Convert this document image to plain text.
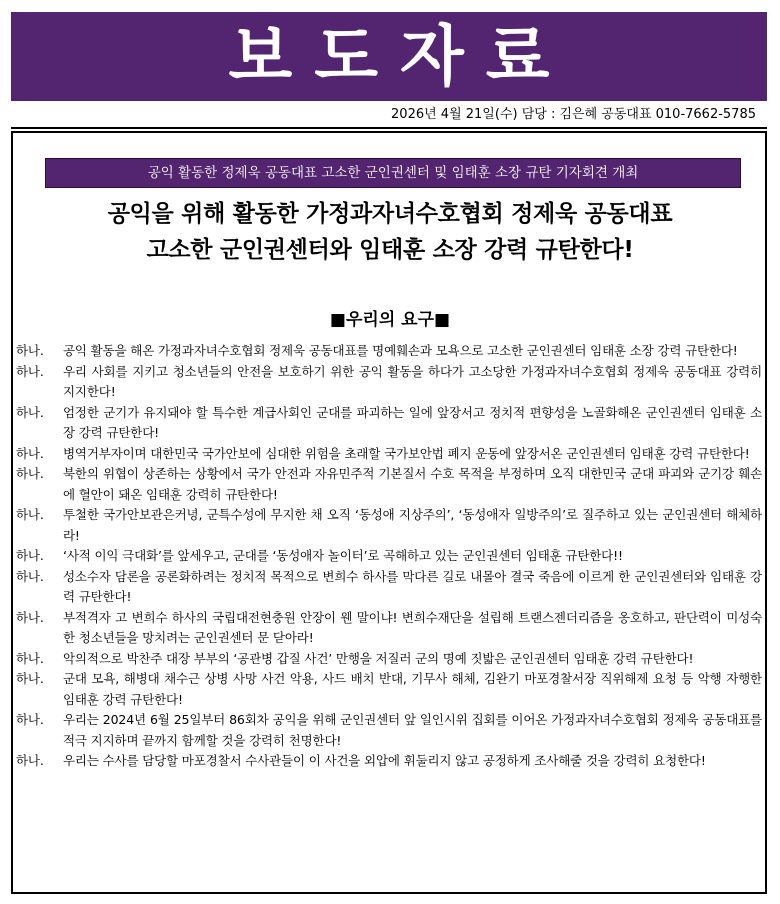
보도자료
2026년 4월 21일(수) 담당 : 김은혜 공동대표 010-7662-5785
공익 활동한 정제욱 공동대표 고소한 군인권센터 및 임태훈 소장 규탄 기자회견 개최
공익을 위해 활동한 가정과자녀수호협회 정제욱 공동대표
고소한 군인권센터와 임태훈 소장 강력 규탄한다!
■우리의 요구■
하나. 공익 활동을 해온 가정과자녀수호협회 정제욱 공동대표를 명예훼손과 모욕으로 고소한 군인권센터 임태훈 소장 강력 규탄한다!
하나. 우리 사회를 지키고 청소년들의 안전을 보호하기 위한 공익 활동을 하다가 고소당한 가정과자녀수호협회 정제욱 공동대표 강력히 지지한다!
하나. 엄정한 군기가 유지돼야 할 특수한 계급사회인 군대를 파괴하는 일에 앞장서고 정치적 편향성을 노골화해온 군인권센터 임태훈 소장 강력 규탄한다!
하나. 병역거부자이며 대한민국 국가안보에 심대한 위험을 초래할 국가보안법 폐지 운동에 앞장서온 군인권센터 임태훈 강력 규탄한다!
하나. 북한의 위협이 상존하는 상황에서 국가 안전과 자유민주적 기본질서 수호 목적을 부정하며 오직 대한민국 군대 파괴와 군기강 훼손에 혈안이 돼온 임태훈 강력히 규탄한다!
하나. 투철한 국가안보관은커녕, 군특수성에 무지한 채 오직 ‘동성애 지상주의’, ‘동성애자 일방주의’로 질주하고 있는 군인권센터 해체하라!
하나. ‘사적 이익 극대화’를 앞세우고, 군대를 ‘동성애자 놀이터’로 곡해하고 있는 군인권센터 임태훈 규탄한다!!
하나. 성소수자 담론을 공론화하려는 정치적 목적으로 변희수 하사를 막다른 길로 내몰아 결국 죽음에 이르게 한 군인권센터와 임태훈 강력 규탄한다!
하나. 부적격자 고 변희수 하사의 국립대전현충원 안장이 웬 말이냐! 변희수재단을 설립해 트랜스젠더리즘을 옹호하고, 판단력이 미성숙한 청소년들을 망치려는 군인권센터 문 닫아라!
하나. 악의적으로 박찬주 대장 부부의 ‘공관병 갑질 사건’ 만행을 저질러 군의 명예 짓밟은 군인권센터 임태훈 강력 규탄한다!
하나. 군대 모욕, 해병대 채수근 상병 사망 사건 악용, 사드 배치 반대, 기무사 해체, 김완기 마포경찰서장 직위해제 요청 등 악행 자행한 임태훈 강력 규탄한다!
하나. 우리는 2024년 6월 25일부터 86회차 공익을 위해 군인권센터 앞 일인시위 집회를 이어온 가정과자녀수호협회 정제욱 공동대표를 적극 지지하며 끝까지 함께할 것을 강력히 천명한다!
하나. 우리는 수사를 담당할 마포경찰서 수사관들이 이 사건을 외압에 휘둘리지 않고 공정하게 조사해줄 것을 강력히 요청한다!
